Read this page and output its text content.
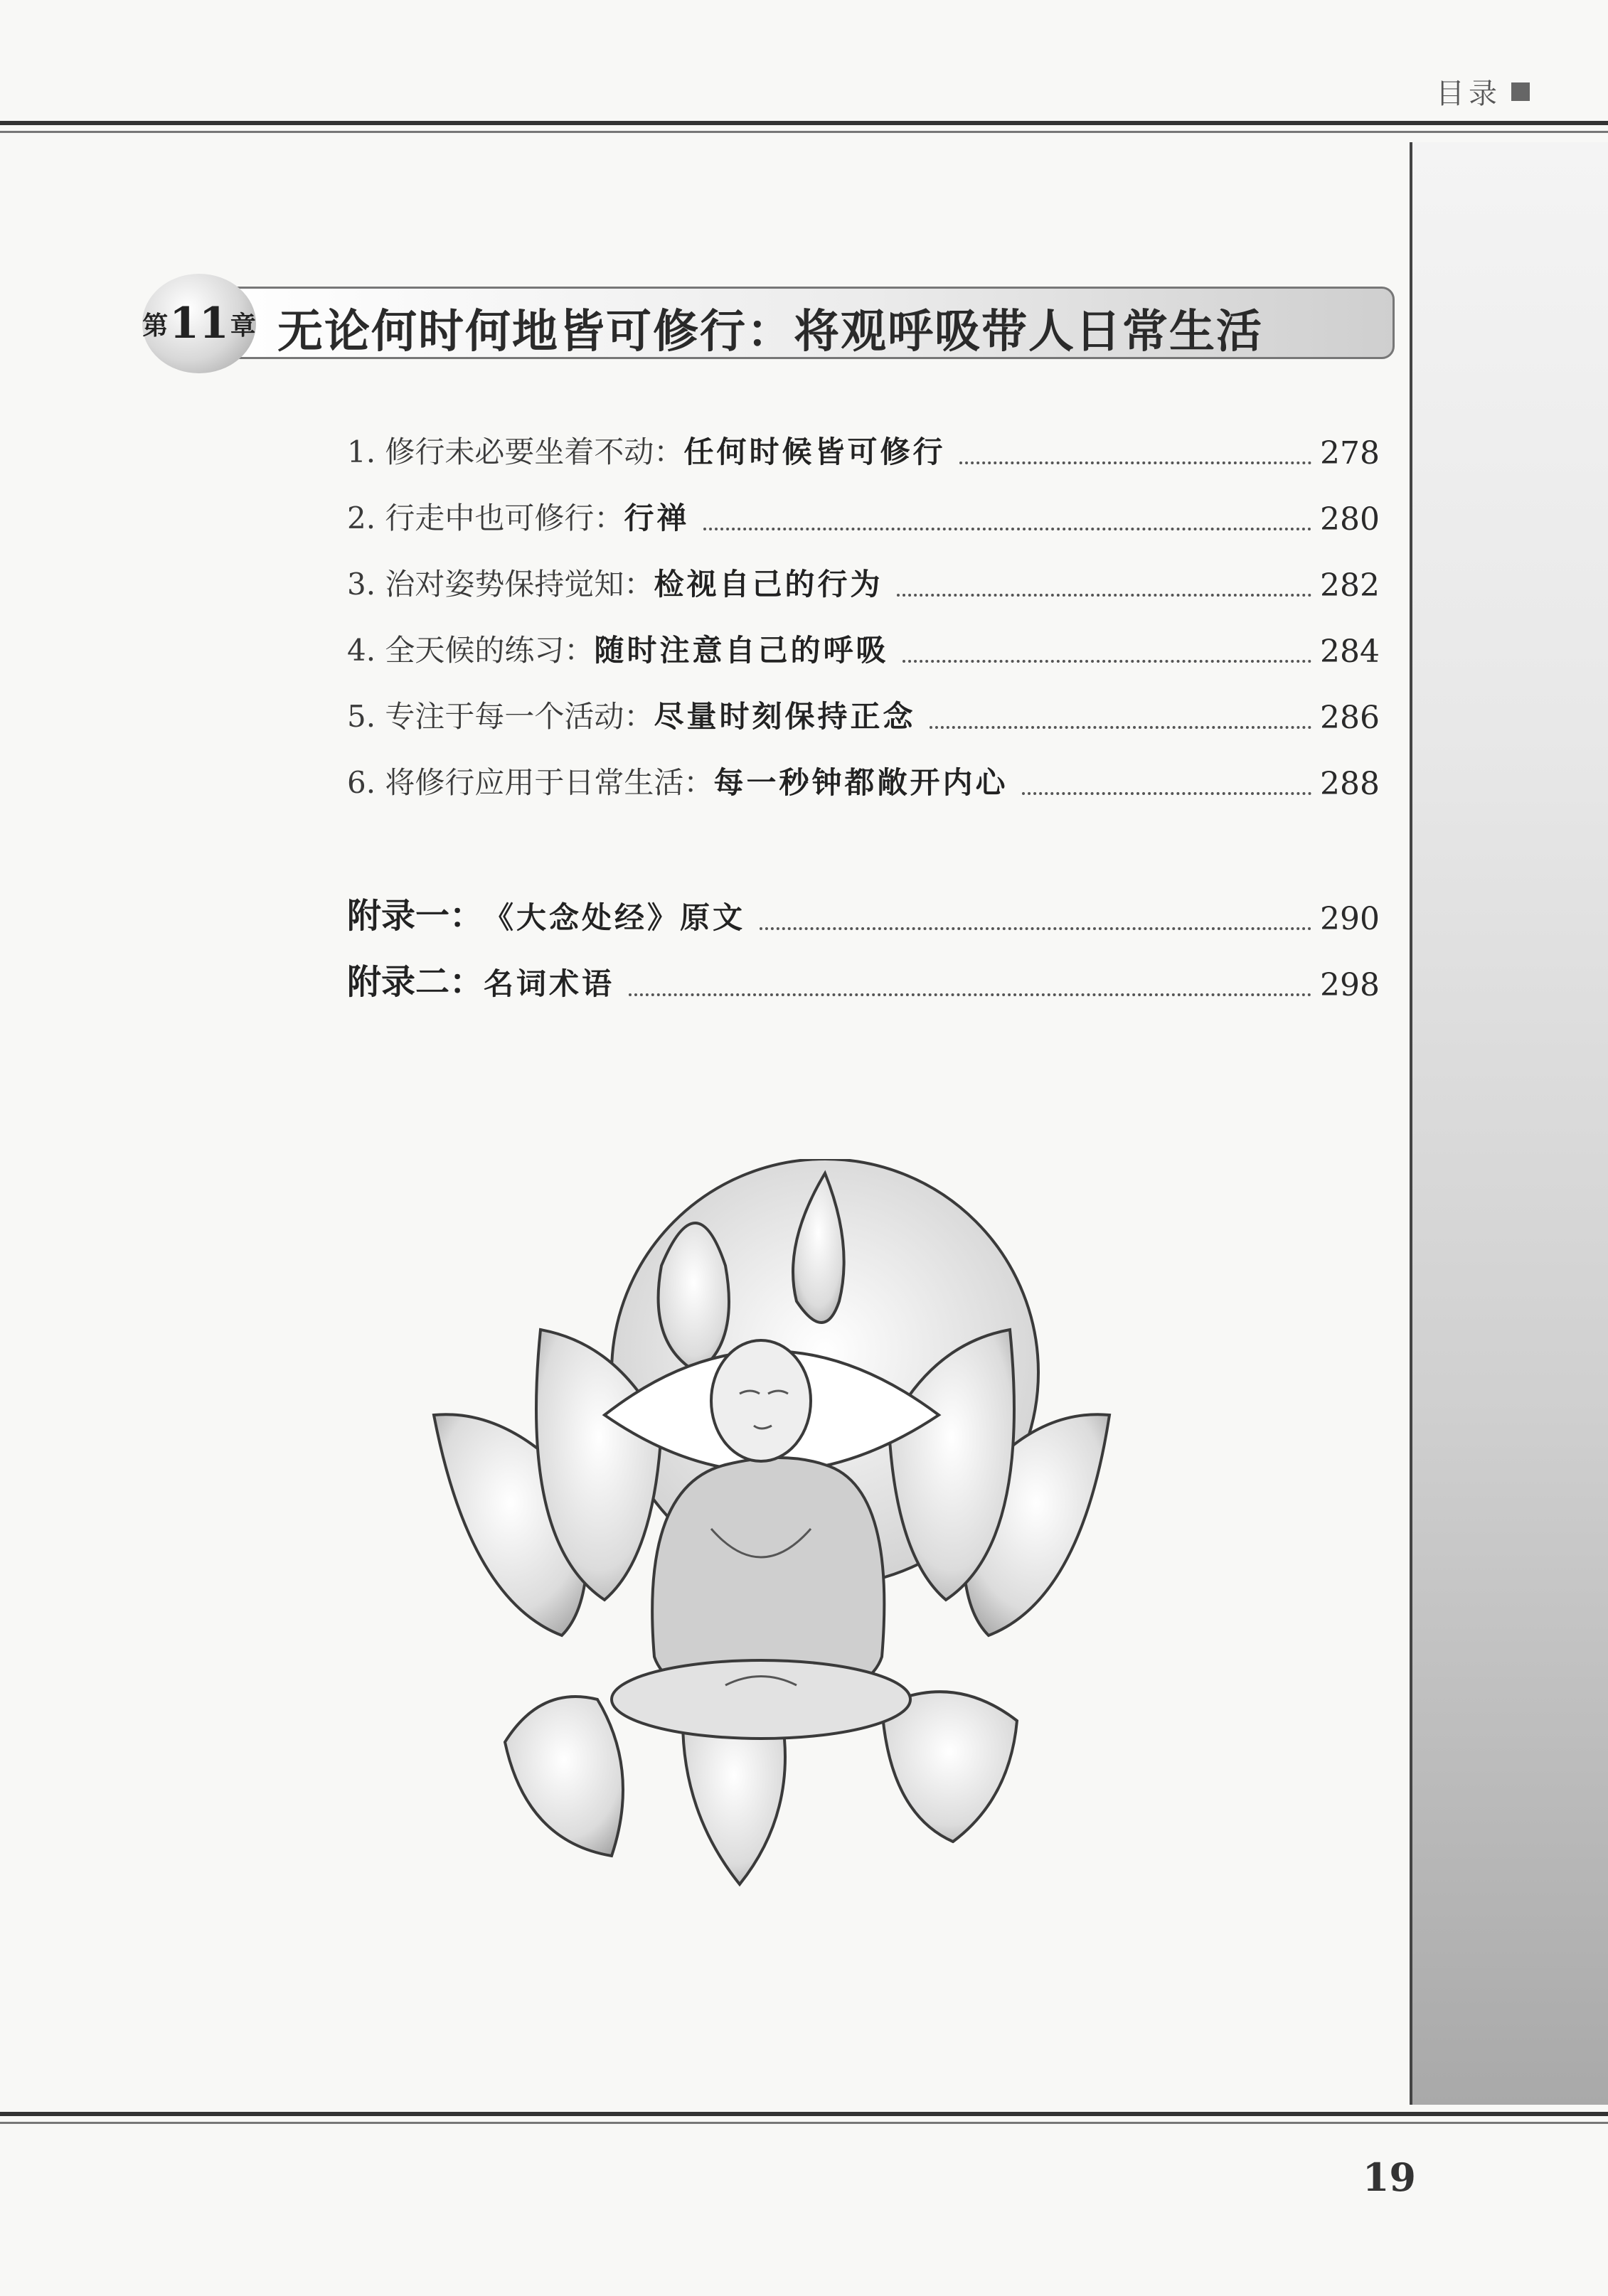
目录
第 11 章 无论何时何地皆可修行：将观呼吸带人日常生活
1. 修行未必要坐着不动： 任何时候皆可修行	278
2. 行走中也可修行： 行禅	280
3. 治对姿势保持觉知： 检视自己的行为	282
4. 全天候的练习： 随时注意自己的呼吸	284
5. 专注于每一个活动： 尽量时刻保持正念	286
6. 将修行应用于日常生活： 每一秒钟都敞开内心	288
附录一： 《大念处经》原文	290
附录二： 名词术语	298
19
